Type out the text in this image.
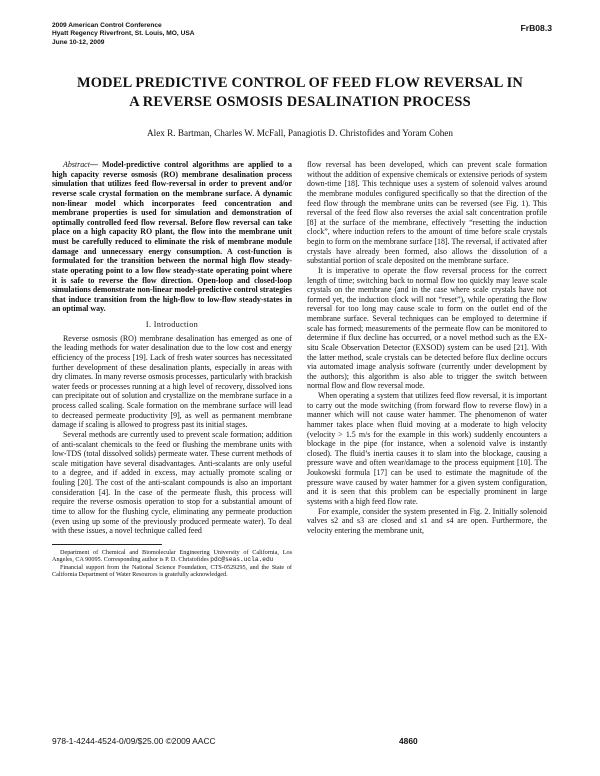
2009 American Control Conference
Hyatt Regency Riverfront, St. Louis, MO, USA
June 10-12, 2009
FrB08.3
MODEL PREDICTIVE CONTROL OF FEED FLOW REVERSAL IN
A REVERSE OSMOSIS DESALINATION PROCESS
Alex R. Bartman, Charles W. McFall, Panagiotis D. Christofides and Yoram Cohen

Abstract— Model-predictive control algorithms are applied to a high capacity reverse osmosis (RO) membrane desalination process simulation that utilizes feed flow-reversal in order to prevent and/or reverse scale crystal formation on the membrane surface. A dynamic non-linear model which incorporates feed concentration and membrane properties is used for simulation and demonstration of optimally controlled feed flow reversal. Before flow reversal can take place on a high capacity RO plant, the flow into the membrane unit must be carefully reduced to eliminate the risk of membrane module damage and unnecessary energy consumption. A cost-function is formulated for the transition between the normal high flow steady-state operating point to a low flow steady-state operating point where it is safe to reverse the flow direction. Open-loop and closed-loop simulations demonstrate non-linear model-predictive control strategies that induce transition from the high-flow to low-flow steady-states in an optimal way.

I. Introduction

Reverse osmosis (RO) membrane desalination has emerged as one of the leading methods for water desalination due to the low cost and energy efficiency of the process [19]. Lack of fresh water sources has necessitated further development of these desalination plants, especially in areas with dry climates. In many reverse osmosis processes, particularly with brackish water feeds or processes running at a high level of recovery, dissolved ions can precipitate out of solution and crystallize on the membrane surface in a process called scaling. Scale formation on the membrane surface will lead to decreased permeate productivity [9], as well as permanent membrane damage if scaling is allowed to progress past its initial stages.

Several methods are currently used to prevent scale formation; addition of anti-scalant chemicals to the feed or flushing the membrane units with low-TDS (total dissolved solids) permeate water. These current methods of scale mitigation have several disadvantages. Anti-scalants are only useful to a degree, and if added in excess, may actually promote scaling or fouling [20]. The cost of the anti-scalant compounds is also an important consideration [4]. In the case of the permeate flush, this process will require the reverse osmosis operation to stop for a substantial amount of time to allow for the flushing cycle, eliminating any permeate production (even using up some of the previously produced permeate water). To deal with these issues, a novel technique called feed

Department of Chemical and Biomolecular Engineering University of California, Los Angeles, CA 90095. Corresponding author is P. D. Christofides pdc@seas.ucla.edu

Financial support from the National Science Foundation, CTS-0529295, and the State of California Department of Water Resources is gratefully acknowledged.

flow reversal has been developed, which can prevent scale formation without the addition of expensive chemicals or extensive periods of system down-time [18]. This technique uses a system of solenoid valves around the membrane modules configured specifically so that the direction of the feed flow through the membrane units can be reversed (see Fig. 1). This reversal of the feed flow also reverses the axial salt concentration profile [8] at the surface of the membrane, effectively “resetting the induction clock”, where induction refers to the amount of time before scale crystals begin to form on the membrane surface [18]. The reversal, if activated after crystals have already been formed, also allows the dissolution of a substantial portion of scale deposited on the membrane surface.

It is imperative to operate the flow reversal process for the correct length of time; switching back to normal flow too quickly may leave scale crystals on the membrane (and in the case where scale crystals have not formed yet, the induction clock will not “reset”), while operating the flow reversal for too long may cause scale to form on the outlet end of the membrane surface. Several techniques can be employed to determine if scale has formed; measurements of the permeate flow can be monitored to determine if flux decline has occurred, or a novel method such as the EX-situ Scale Observation Detector (EXSOD) system can be used [21]. With the latter method, scale crystals can be detected before flux decline occurs via automated image analysis software (currently under development by the authors); this algorithm is also able to trigger the switch between normal flow and flow reversal mode.

When operating a system that utilizes feed flow reversal, it is important to carry out the mode switching (from forward flow to reverse flow) in a manner which will not cause water hammer. The phenomenon of water hammer takes place when fluid moving at a moderate to high velocity (velocity > 1.5 m/s for the example in this work) suddenly encounters a blockage in the pipe (for instance, when a solenoid valve is instantly closed). The fluid’s inertia causes it to slam into the blockage, causing a pressure wave and often wear/damage to the process equipment [10]. The Joukowski formula [17] can be used to estimate the magnitude of the pressure wave caused by water hammer for a given system configuration, and it is seen that this problem can be especially prominent in large systems with a high feed flow rate.

For example, consider the system presented in Fig. 2. Initially solenoid valves s2 and s3 are closed and s1 and s4 are open. Furthermore, the velocity entering the membrane unit,

978-1-4244-4524-0/09/$25.00 ©2009 AACC	4860
